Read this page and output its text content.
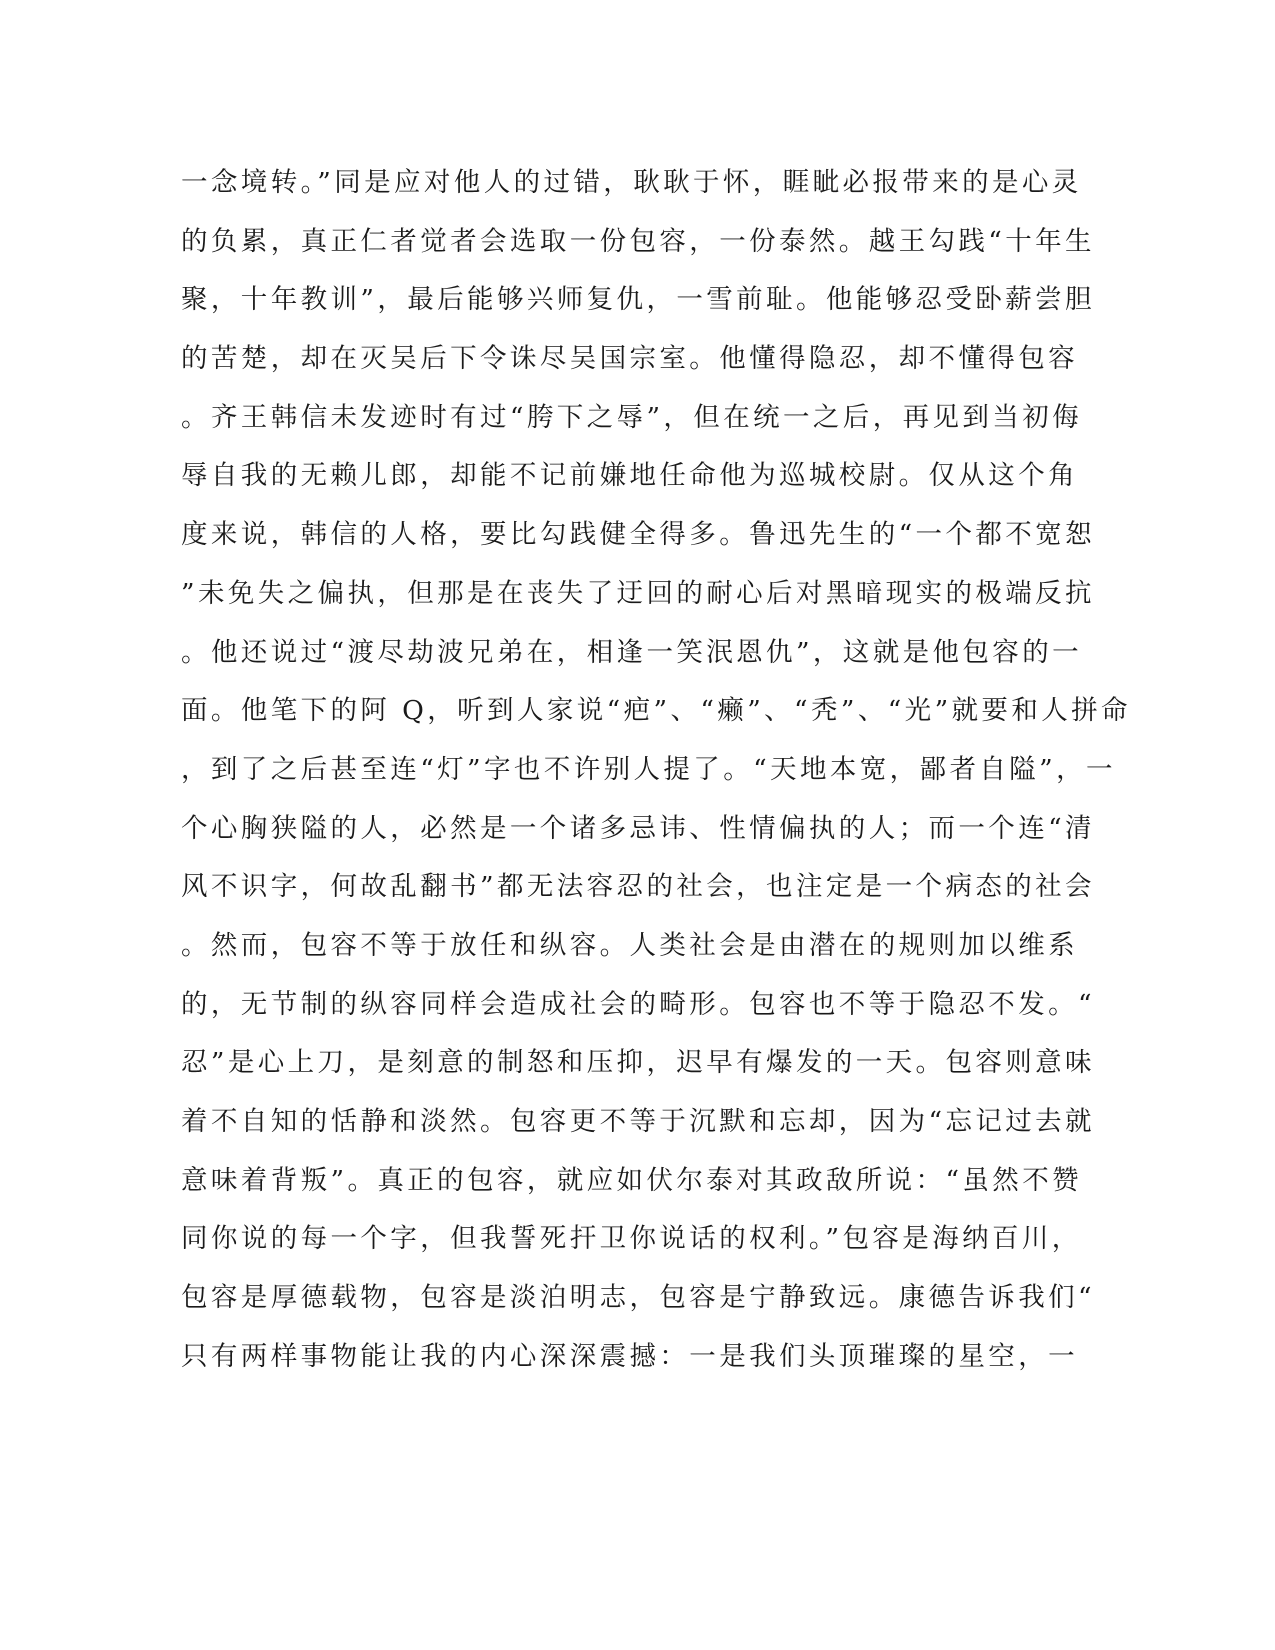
一念境转。”同是应对他人的过错，耿耿于怀，睚眦必报带来的是心灵
的负累，真正仁者觉者会选取一份包容，一份泰然。越王勾践“十年生
聚，十年教训”，最后能够兴师复仇，一雪前耻。他能够忍受卧薪尝胆
的苦楚，却在灭吴后下令诛尽吴国宗室。他懂得隐忍，却不懂得包容
。齐王韩信未发迹时有过“胯下之辱”，但在统一之后，再见到当初侮
辱自我的无赖儿郎，却能不记前嫌地任命他为巡城校尉。仅从这个角
度来说，韩信的人格，要比勾践健全得多。鲁迅先生的“一个都不宽恕
”未免失之偏执，但那是在丧失了迂回的耐心后对黑暗现实的极端反抗
。他还说过“渡尽劫波兄弟在，相逢一笑泯恩仇”，这就是他包容的一
面。他笔下的阿 Q，听到人家说“疤”、“癞”、“秃”、“光”就要和人拼命
，到了之后甚至连“灯”字也不许别人提了。“天地本宽，鄙者自隘”，一
个心胸狭隘的人，必然是一个诸多忌讳、性情偏执的人；而一个连“清
风不识字，何故乱翻书”都无法容忍的社会，也注定是一个病态的社会
。然而，包容不等于放任和纵容。人类社会是由潜在的规则加以维系
的，无节制的纵容同样会造成社会的畸形。包容也不等于隐忍不发。“
忍”是心上刀，是刻意的制怒和压抑，迟早有爆发的一天。包容则意味
着不自知的恬静和淡然。包容更不等于沉默和忘却，因为“忘记过去就
意味着背叛”。真正的包容，就应如伏尔泰对其政敌所说：“虽然不赞
同你说的每一个字，但我誓死扞卫你说话的权利。”包容是海纳百川，
包容是厚德载物，包容是淡泊明志，包容是宁静致远。康德告诉我们“
只有两样事物能让我的内心深深震撼：一是我们头顶璀璨的星空，一
